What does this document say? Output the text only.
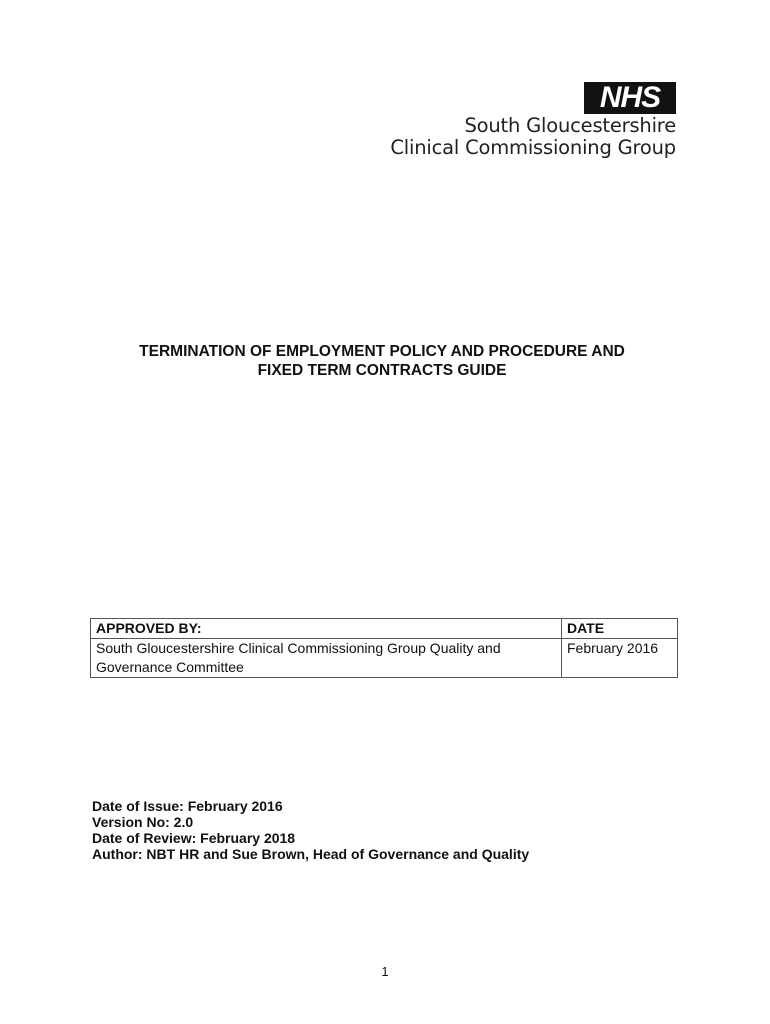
NHS
South Gloucestershire
Clinical Commissioning Group
TERMINATION OF EMPLOYMENT POLICY AND PROCEDURE AND
FIXED TERM CONTRACTS GUIDE
APPROVED BY:	DATE
South Gloucestershire Clinical Commissioning Group Quality and Governance Committee	February 2016
Date of Issue: February 2016
Version No: 2.0
Date of Review: February 2018
Author: NBT HR and Sue Brown, Head of Governance and Quality
1
